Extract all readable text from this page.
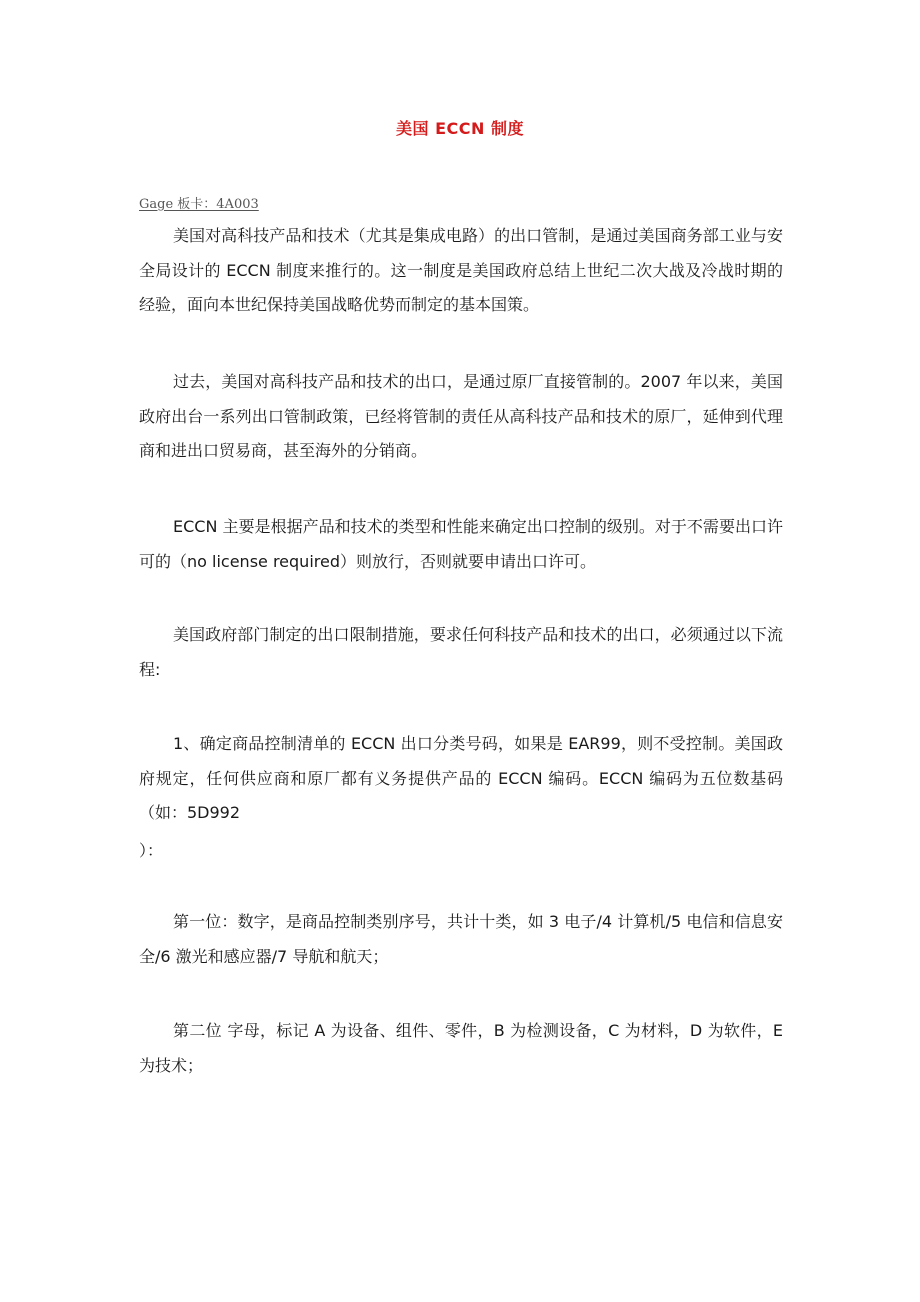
美国 ECCN 制度
Gage 板卡：4A003

美国对高科技产品和技术（尤其是集成电路）的出口管制，是通过美国商务部工业与安全局设计的 ECCN 制度来推行的。这一制度是美国政府总结上世纪二次大战及冷战时期的经验，面向本世纪保持美国战略优势而制定的基本国策。

过去，美国对高科技产品和技术的出口，是通过原厂直接管制的。2007 年以来，美国政府出台一系列出口管制政策，已经将管制的责任从高科技产品和技术的原厂，延伸到代理商和进出口贸易商，甚至海外的分销商。

ECCN 主要是根据产品和技术的类型和性能来确定出口控制的级别。对于不需要出口许可的（no license required）则放行，否则就要申请出口许可。

美国政府部门制定的出口限制措施，要求任何科技产品和技术的出口，必须通过以下流程:

1、确定商品控制清单的 ECCN 出口分类号码，如果是 EAR99，则不受控制。美国政府规定，任何供应商和原厂都有义务提供产品的 ECCN 编码。ECCN 编码为五位数基码（如：5D992

）：

第一位：数字，是商品控制类别序号，共计十类，如 3 电子/4 计算机/5 电信和信息安全/6 激光和感应器/7 导航和航天；

第二位 字母，标记 A 为设备、组件、零件，B 为检测设备，C 为材料，D 为软件，E 为技术；
